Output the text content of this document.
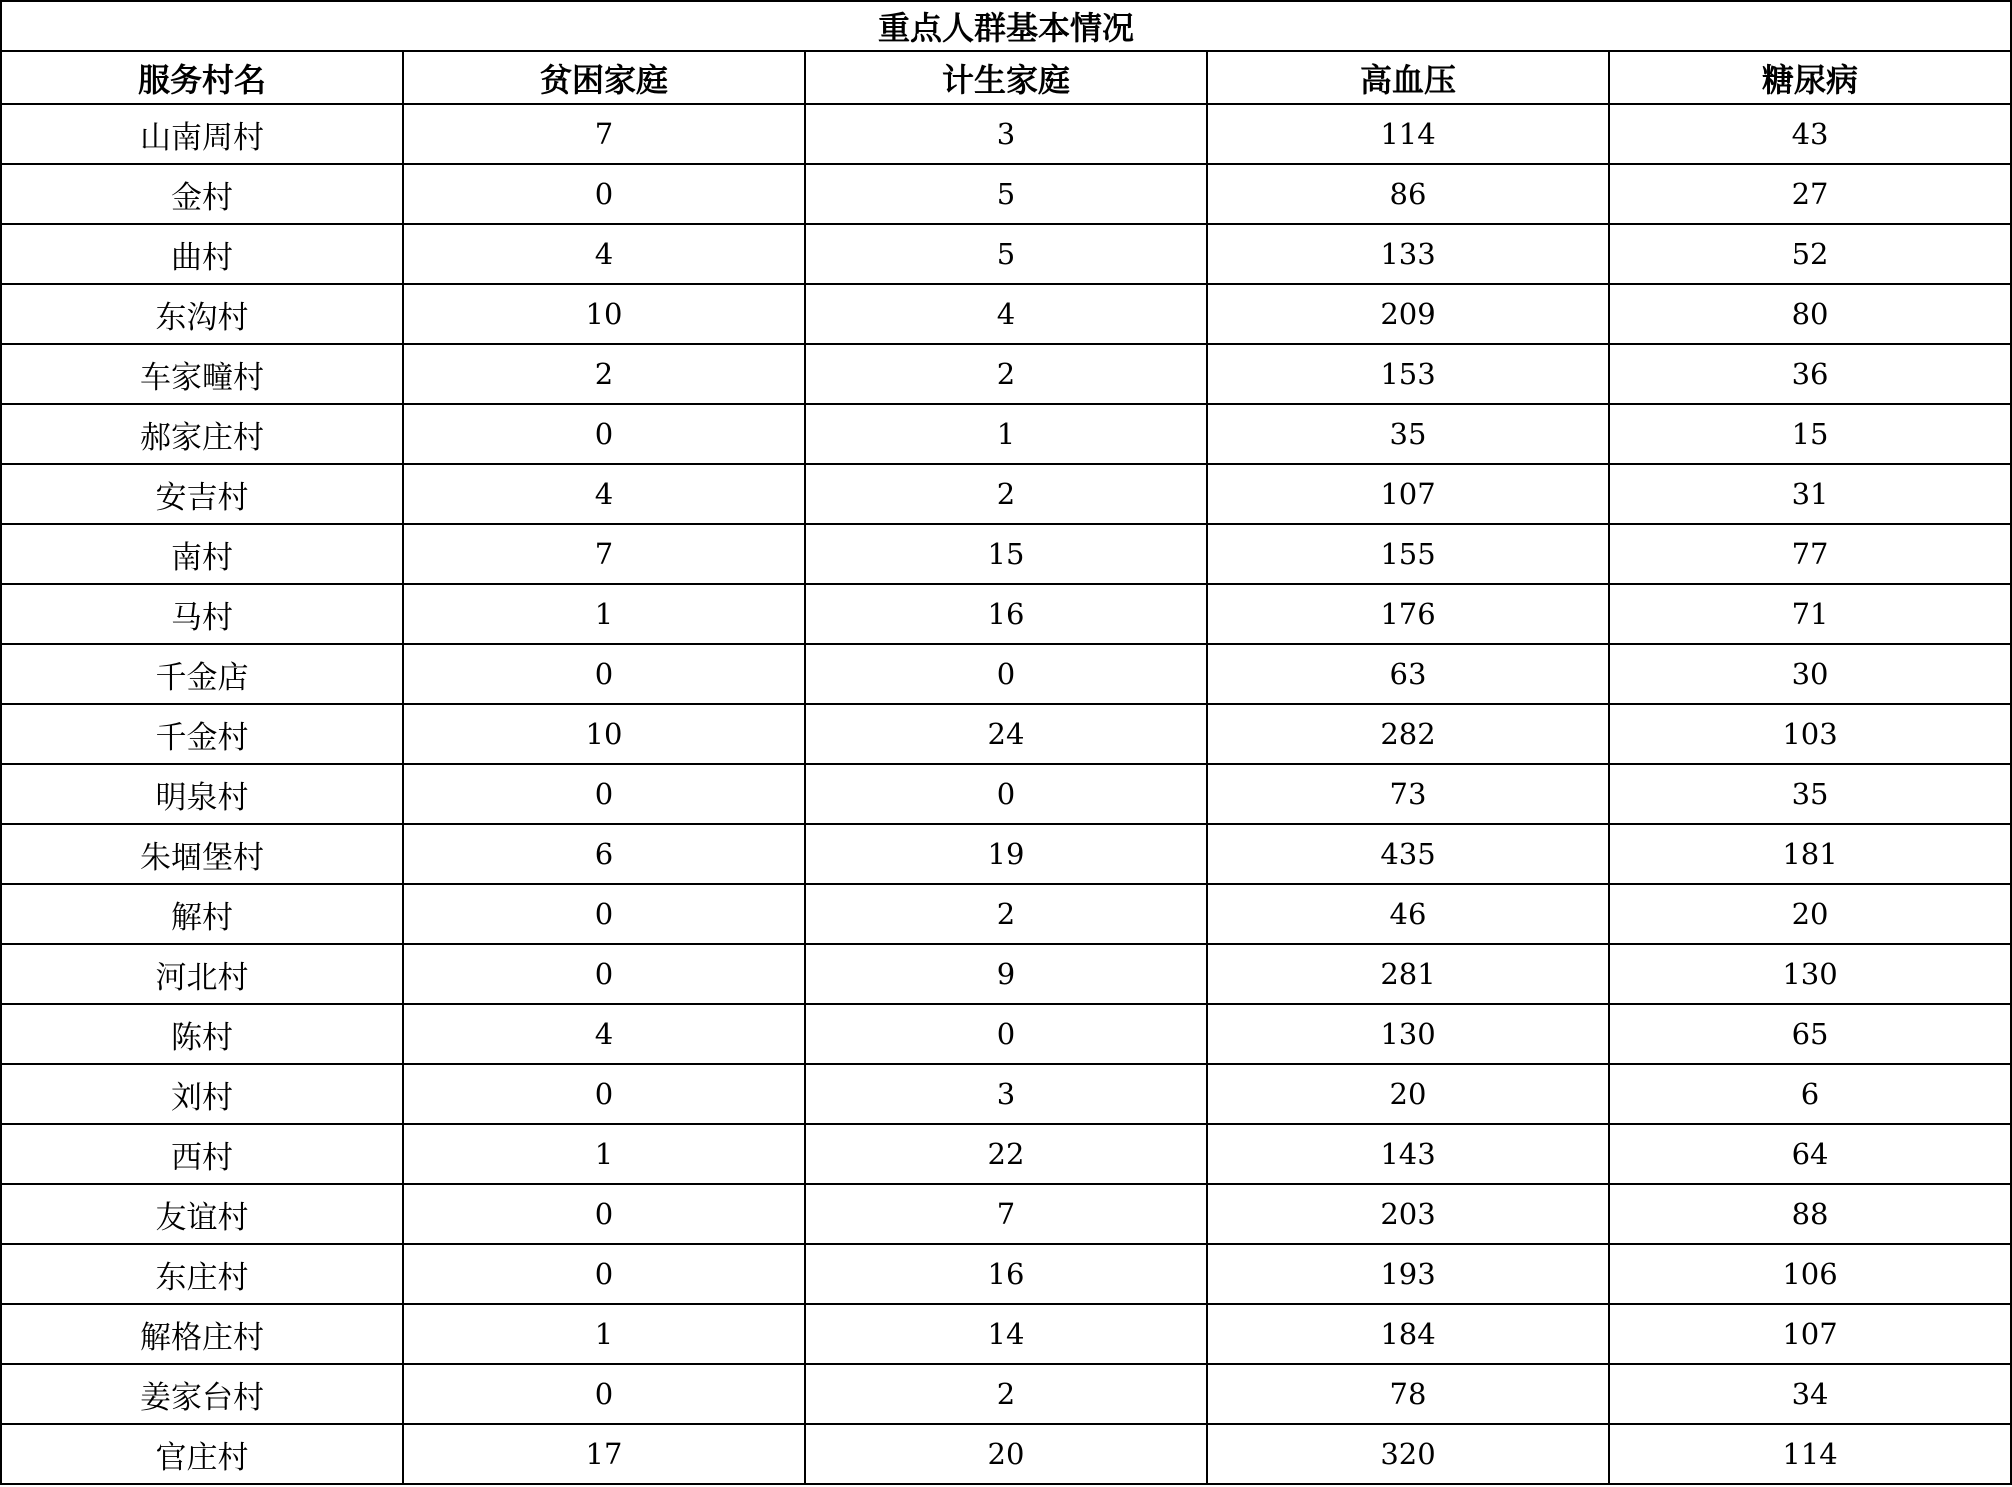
重点人群基本情况				
服务村名	贫困家庭	计生家庭	高血压	糖尿病
山南周村	7	3	114	43
金村	0	5	86	27
曲村	4	5	133	52
东沟村	10	4	209	80
车家疃村	2	2	153	36
郝家庄村	0	1	35	15
安吉村	4	2	107	31
南村	7	15	155	77
马村	1	16	176	71
千金店	0	0	63	30
千金村	10	24	282	103
明泉村	0	0	73	35
朱堌堡村	6	19	435	181
解村	0	2	46	20
河北村	0	9	281	130
陈村	4	0	130	65
刘村	0	3	20	6
西村	1	22	143	64
友谊村	0	7	203	88
东庄村	0	16	193	106
解格庄村	1	14	184	107
姜家台村	0	2	78	34
官庄村	17	20	320	114
